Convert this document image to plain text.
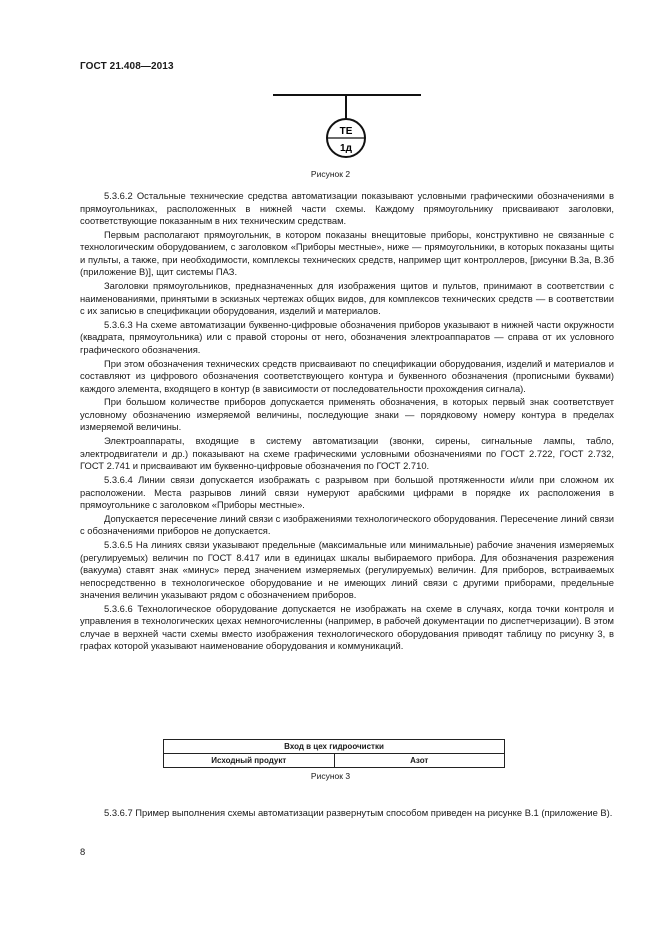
ГОСТ 21.408—2013
TE
1д
Рисунок 2

5.3.6.2 Остальные технические средства автоматизации показывают условными графическими обозначениями в прямоугольниках, расположенных в нижней части схемы. Каждому прямоугольнику присваивают заголовки, соответствующие показанным в них техническим средствам.

Первым располагают прямоугольник, в котором показаны внещитовые приборы, конструктивно не связанные с технологическим оборудованием, с заголовком «Приборы местные», ниже — прямоугольники, в которых показаны щиты и пульты, а также, при необходимости, комплексы технических средств, например щит контроллеров, [рисунки В.3а, В.3б (приложение В)], щит системы ПАЗ.

Заголовки прямоугольников, предназначенных для изображения щитов и пультов, принимают в соответствии с наименованиями, принятыми в эскизных чертежах общих видов, для комплексов технических средств — в соответствии с их записью в спецификации оборудования, изделий и материалов.

5.3.6.3 На схеме автоматизации буквенно-цифровые обозначения приборов указывают в нижней части окружности (квадрата, прямоугольника) или с правой стороны от него, обозначения электроаппаратов — справа от их условного графического обозначения.

При этом обозначения технических средств присваивают по спецификации оборудования, изделий и материалов и составляют из цифрового обозначения соответствующего контура и буквенного обозначения (прописными буквами) каждого элемента, входящего в контур (в зависимости от последовательности прохождения сигнала).

При большом количестве приборов допускается применять обозначения, в которых первый знак соответствует условному обозначению измеряемой величины, последующие знаки — порядковому номеру контура в пределах измеряемой величины.

Электроаппараты, входящие в систему автоматизации (звонки, сирены, сигнальные лампы, табло, электродвигатели и др.) показывают на схеме графическими условными обозначениями по ГОСТ 2.722, ГОСТ 2.732, ГОСТ 2.741 и присваивают им буквенно-цифровые обозначения по ГОСТ 2.710.

5.3.6.4 Линии связи допускается изображать с разрывом при большой протяженности и/или при сложном их расположении. Места разрывов линий связи нумеруют арабскими цифрами в порядке их расположения в прямоугольнике с заголовком «Приборы местные».

Допускается пересечение линий связи с изображениями технологического оборудования. Пересечение линий связи с обозначениями приборов не допускается.

5.3.6.5 На линиях связи указывают предельные (максимальные или минимальные) рабочие значения измеряемых (регулируемых) величин по ГОСТ 8.417 или в единицах шкалы выбираемого прибора. Для обозначения разрежения (вакуума) ставят знак «минус» перед значением измеряемых (регулируемых) величин. Для приборов, встраиваемых непосредственно в технологическое оборудование и не имеющих линий связи с другими приборами, предельные значения величин указывают рядом с обозначением приборов.

5.3.6.6 Технологическое оборудование допускается не изображать на схеме в случаях, когда точки контроля и управления в технологических цехах немногочисленны (например, в рабочей документации по диспетчеризации). В этом случае в верхней части схемы вместо изображения технологического оборудования приводят таблицу по рисунку 3, в графах которой указывают наименование оборудования и коммуникаций.

Вход в цех гидроочистки
Исходный продукт	Азот
Рисунок 3

5.3.6.7 Пример выполнения схемы автоматизации развернутым способом приведен на рисунке В.1 (приложение В).

8
